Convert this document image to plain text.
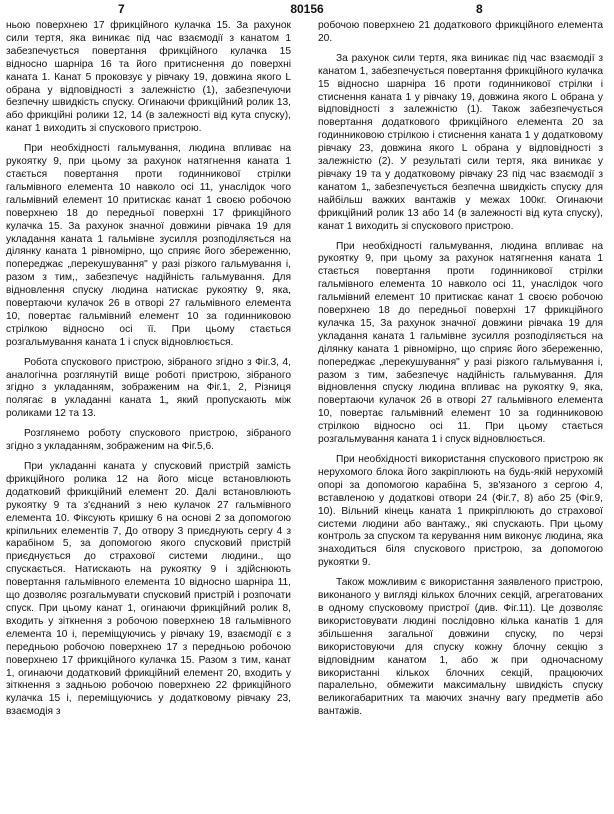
7	80156	8

ньою поверхнею 17 фрикційного кулачка 15. За рахунок сили тертя, яка виникає під час взаємодії з канатом 1 забезпечується повертання фрикційного кулачка 15 відносно шарніра 16 та його притиснення до поверхні каната 1. Канат 5 проковзує у рівчаку 19, довжина якого L обрана у відповідності з залежністю (1), забезпечуючи безпечну швидкість спуску. Огинаючи фрикційний ролик 13, або фрикційні ролики 12, 14 (в залежності від кута спуску), канат 1 виходить зі спускового пристрою.

При необхідності гальмування, людина впливає на рукоятку 9, при цьому за рахунок натягнення каната 1 стається повертання проти годинникової стрілки гальмівного елемента 10 навколо осі 11, унаслідок чого гальмівний елемент 10 притискає канат 1 своєю робочою поверхнею 18 до передньої поверхні 17 фрикційного кулачка 15. За рахунок значної довжини рівчака 19 для укладання каната 1 гальмівне зусилля розподіляється на ділянку каната 1 рівномірно, що сприяє його збереженню, попереджає „перекушування" у разі різкого гальмування і, разом з тим,, забезпечує надійність гальмування. Для відновлення спуску людина натискає рукоятку 9, яка, повертаючи кулачок 26 в отворі 27 гальмівного елемента 10, повертає гальмівний елемент 10 за годинниковою стрілкою відносно осі її. При цьому стається розгальмування каната 1 і спуск відновлюється.

Робота спускового пристрою, зібраного згідно з Фіг.3, 4, аналогічна розглянутій вище роботі пристрою, зібраного згідно з укладанням, зображеним на Фіг.1, 2, Різниця полягає в укладанні каната 1„ який пропускають між роликами 12 та 13.

Розглянемо роботу спускового пристрою, зібраного згідно з укладанням, зображеним на Фіг.5,6.

При укладанні каната у спусковий пристрій замість фрикційного ролика 12 на його місце встановлюють додатковий фрикційний елемент 20. Далі встановлюють рукоятку 9 та з'єднаний з нею кулачок 27 гальмівного елемента 10. Фіксують кришку 6 на основі 2 за допомогою кріпильних елементів 7, До отвору 3 приєднують сергу 4 з карабіном 5, за допомогою якого спусковий пристрій приєднується до страхової системи людини., що спускається. Натискають на рукоятку 9 і здійснюють повертання гальмівного елемента 10 відносно шарніра 11, що дозволяє розгальмувати спусковий пристрій і розпочати спуск. При цьому канат 1, огинаючи фрикційний ролик 8, входить у зіткнення з робочою поверхнею 18 гальмівного елемента 10 і, переміщуючись у рівчаку 19, взаємодії є з передньою робочою поверхнею 17 з передньою робочою поверхнею 17 фрикційного кулачка 15. Разом з тим, канат 1, огинаючи додатковий фрикційний елемент 20, входить у зіткнення з задньою робочою поверхнею 22 фрикційного кулачка 15 і, переміщуючись у додатковому рівчаку 23, взаємодія з

робочою поверхнею 21 додаткового фрикційного елемента 20.

За рахунок сили тертя, яка виникає під час взаємодії з канатом 1, забезпечується повертання фрикційного кулачка 15 відносно шарніра 16 проти годинникової стрілки і стиснення каната 1 у рівчаку 19, довжина якого L обрана у відповідності з залежністю (1). Також забезпечується повертання додаткового фрикційного елемента 20 за годинниковою стрілкою і стиснення каната 1 у додатковому рівчаку 23, довжина якого L обрана у відповідності з залежністю (2). У результаті сили тертя, яка виникає у рівчаку 19 та у додатковому рівчаку 23 під час взаємодії з канатом 1„ забезпечується безпечна швидкість спуску для найбільш важких вантажів у межах 100кг. Огинаючи фрикційний ролик 13 або 14 (в залежності від кута спуску), канат 1 виходить зі спускового пристрою.

При необхідності гальмування, людина впливає на рукоятку 9, при цьому за рахунок натягнення каната 1 стається повертання проти годинникової стрілки гальмівного елемента 10 навколо осі 11, унаслідок чого гальмівний елемент 10 притискає канат 1 своєю робочою поверхнею 18 до передньої поверхні 17 фрикційного кулачка 15, За рахунок значної довжини рівчака 19 для укладання каната 1 гальмівне зусилля розподіляється на ділянку каната 1 рівномірно, що сприяє його збереженню, попереджає „перекушування" у разі різкого гальмування і, разом з тим, забезпечує надійність гальмування. Для відновлення спуску людина впливає на рукоятку 9, яка, повертаючи кулачок 26 в отворі 27 гальмівного елемента 10, повертає гальмівний елемент 10 за годинниковою стрілкою відносно осі 11. При цьому стається розгальмування каната 1 і спуск відновлюється.

При необхідності використання спускового пристрою як нерухомого блока його закріплюють на будь-якій нерухомій опорі за допомогою карабіна 5, зв'язаного з сергою 4, вставленою у додаткові отвори 24 (Фіг.7, 8) або 25 (Фіг.9, 10). Вільний кінець каната 1 прикріплюють до страхової системи людини або вантажу., які спускають. При цьому контроль за спуском та керування ним виконує людина, яка знаходиться біля спускового пристрою, за допомогою рукоятки 9.

Також можливим є використання заявленого пристрою, виконаного у вигляді кількох блочних секцій, агрегатованих в одному спусковому пристрої (див. Фіг.11). Це дозволяє використовувати людині послідовно кілька канатів 1 для збільшення загальної довжини спуску, по черзі використовуючи для спуску кожну блочну секцію з відповідним канатом 1, або ж при одночасному використанні кількох блочних секцій, працюючих паралельно, обмежити максимальну швидкість спуску великогабаритних та маючих значну вагу предметів або вантажів.
